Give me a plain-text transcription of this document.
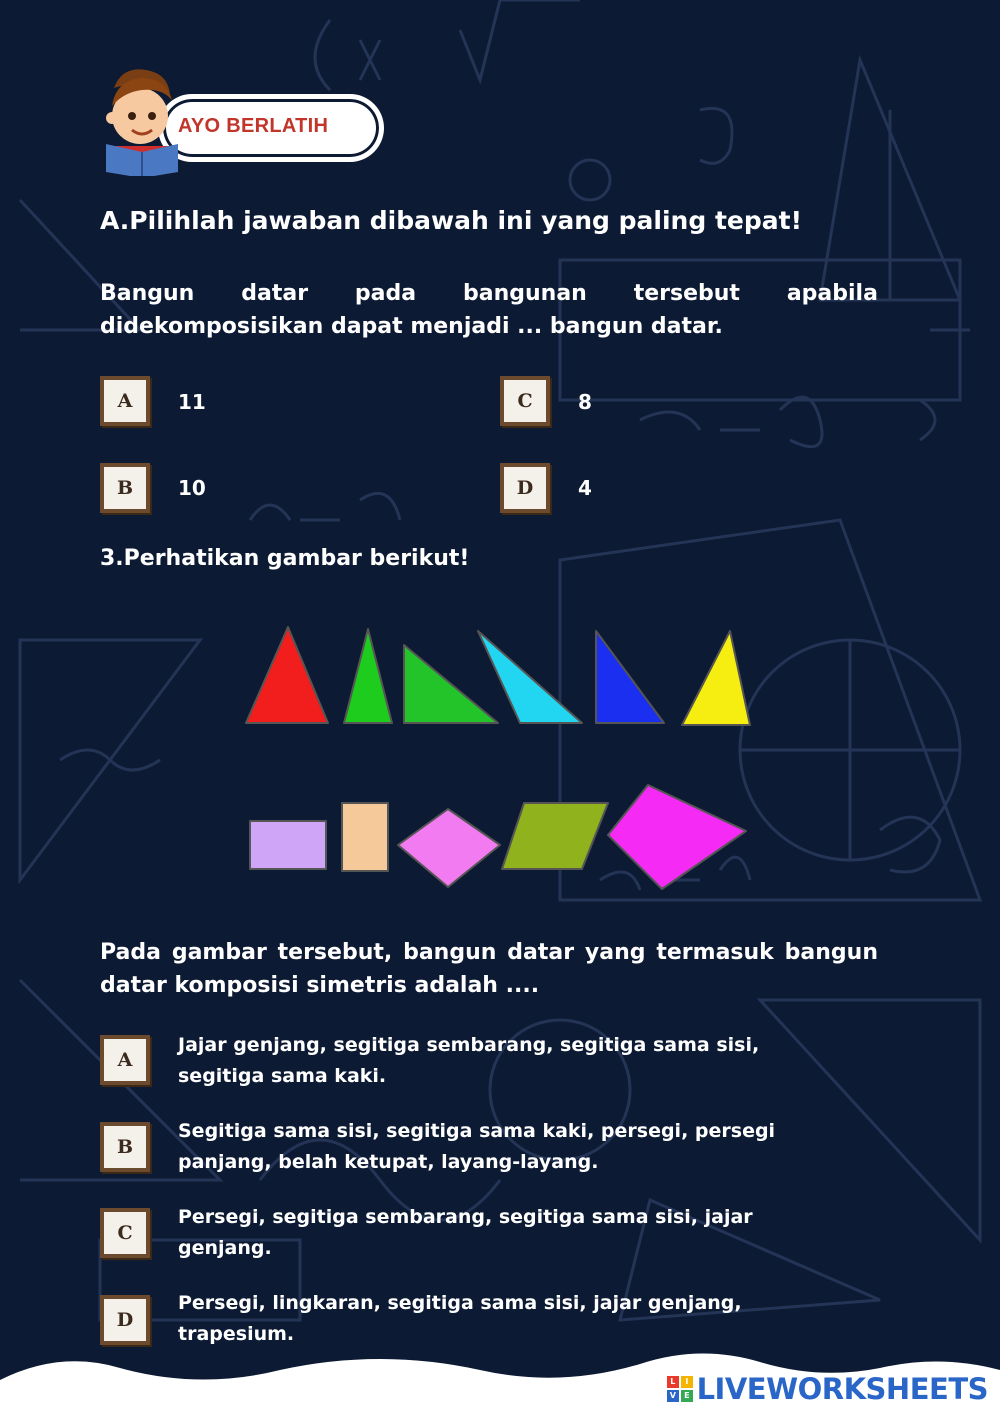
AYO BERLATIH
A.Pilihlah jawaban dibawah ini yang paling tepat!
Bangun datar pada bangunan tersebut apabila
didekomposisikan dapat menjadi ... bangun datar.
A	11	C	8
B	10	D	4
3.Perhatikan gambar berikut!
Pada gambar tersebut, bangun datar yang termasuk bangun
datar komposisi simetris adalah ....
A
Jajar genjang, segitiga sembarang, segitiga sama sisi,
segitiga sama kaki.
B
Segitiga sama sisi, segitiga sama kaki, persegi, persegi
panjang, belah ketupat, layang-layang.
C
Persegi, segitiga sembarang, segitiga sama sisi, jajar
genjang.
D
Persegi, lingkaran, segitiga sama sisi, jajar genjang,
trapesium.
L	I
V	E LIVEWORKSHEETS
